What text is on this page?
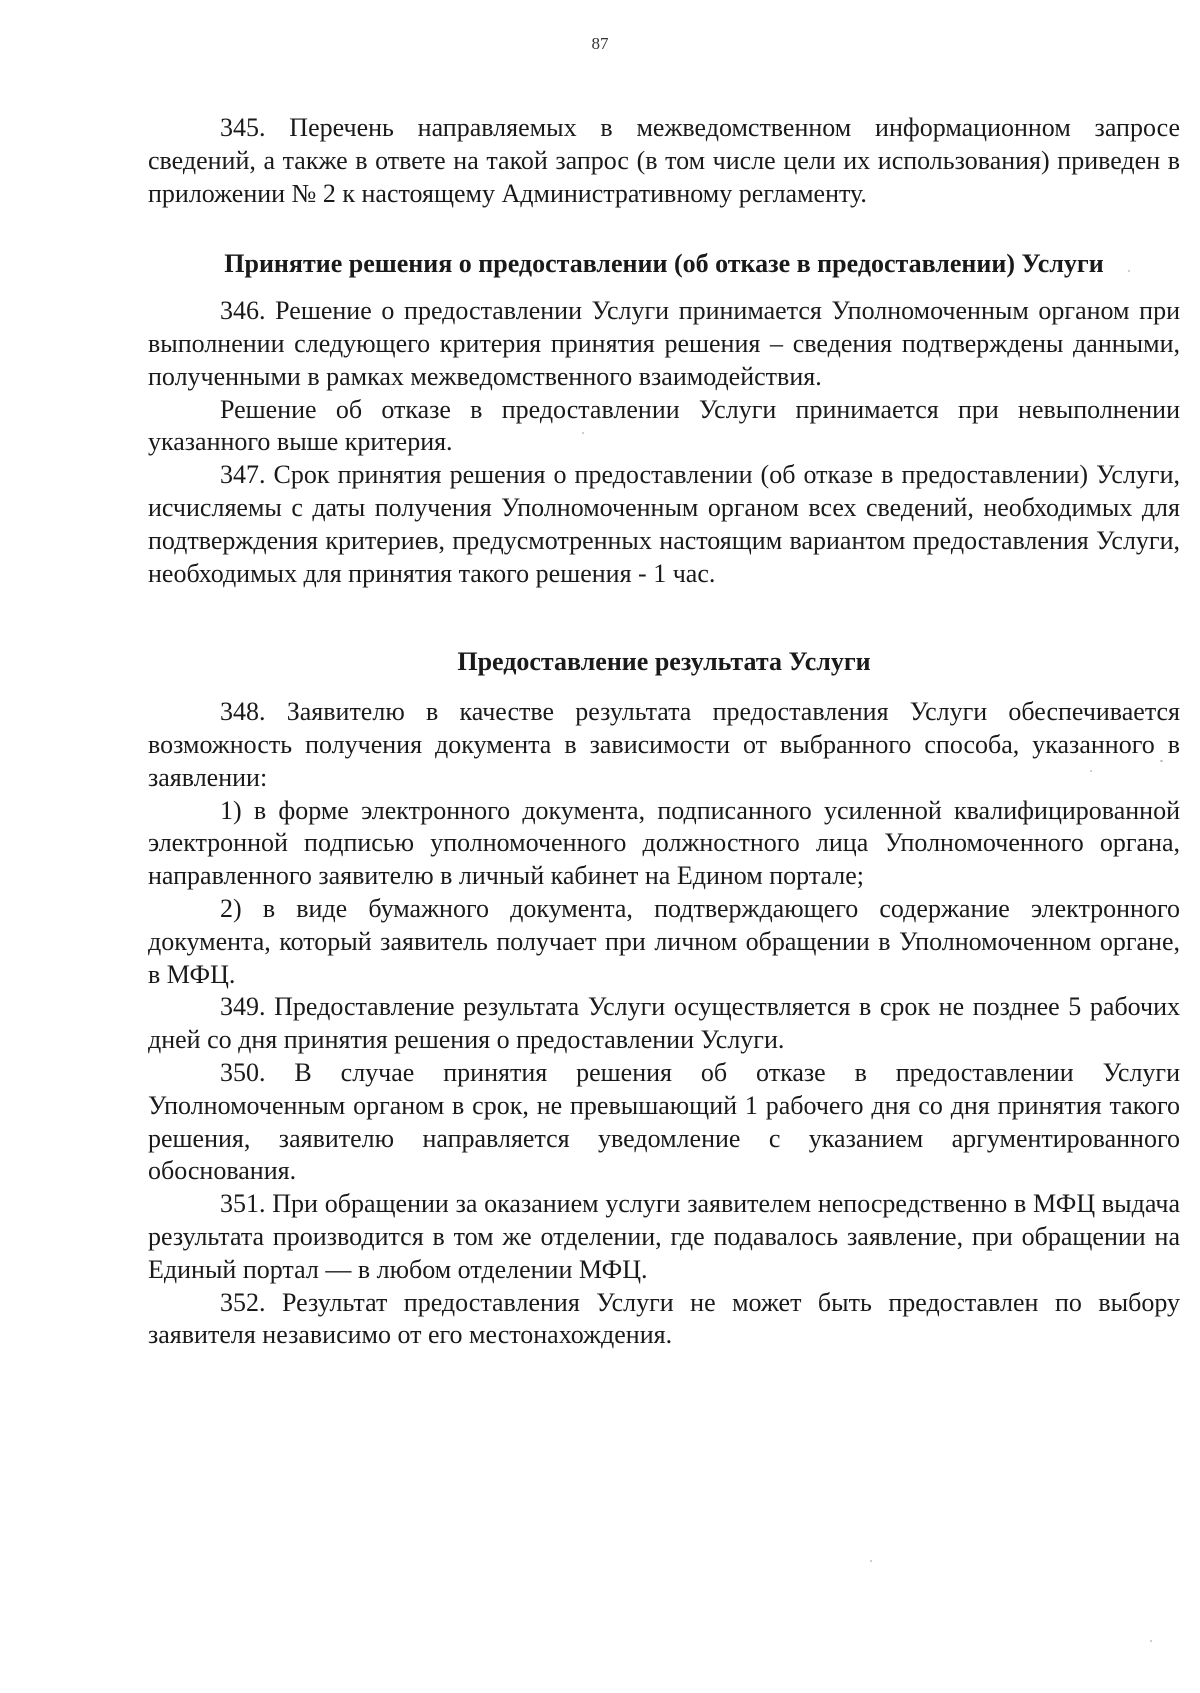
87

345. Перечень направляемых в межведомственном информационном запросе сведений, а также в ответе на такой запрос (в том числе цели их использования) приведен в приложении № 2 к настоящему Административному регламенту.

Принятие решения о предоставлении (об отказе в предоставлении) Услуги

346. Решение о предоставлении Услуги принимается Уполномоченным органом при выполнении следующего критерия принятия решения – сведения подтверждены данными, полученными в рамках межведомственного взаимодействия.

Решение об отказе в предоставлении Услуги принимается при невыполнении указанного выше критерия.

347. Срок принятия решения о предоставлении (об отказе в предоставлении) Услуги, исчисляемы с даты получения Уполномоченным органом всех сведений, необходимых для подтверждения критериев, предусмотренных настоящим вариантом предоставления Услуги, необходимых для принятия такого решения - 1 час.

Предоставление результата Услуги

348. Заявителю в качестве результата предоставления Услуги обеспечивается возможность получения документа в зависимости от выбранного способа, указанного в заявлении:

1) в форме электронного документа, подписанного усиленной квалифицированной электронной подписью уполномоченного должностного лица Уполномоченного органа, направленного заявителю в личный кабинет на Едином портале;

2) в виде бумажного документа, подтверждающего содержание электронного документа, который заявитель получает при личном обращении в Уполномоченном органе, в МФЦ.

349. Предоставление результата Услуги осуществляется в срок не позднее 5 рабочих дней со дня принятия решения о предоставлении Услуги.

350. В случае принятия решения об отказе в предоставлении Услуги Уполномоченным органом в срок, не превышающий 1 рабочего дня со дня принятия такого решения, заявителю направляется уведомление с указанием аргументированного обоснования.

351. При обращении за оказанием услуги заявителем непосредственно в МФЦ выдача результата производится в том же отделении, где подавалось заявление, при обращении на Единый портал — в любом отделении МФЦ.

352. Результат предоставления Услуги не может быть предоставлен по выбору заявителя независимо от его местонахождения.
